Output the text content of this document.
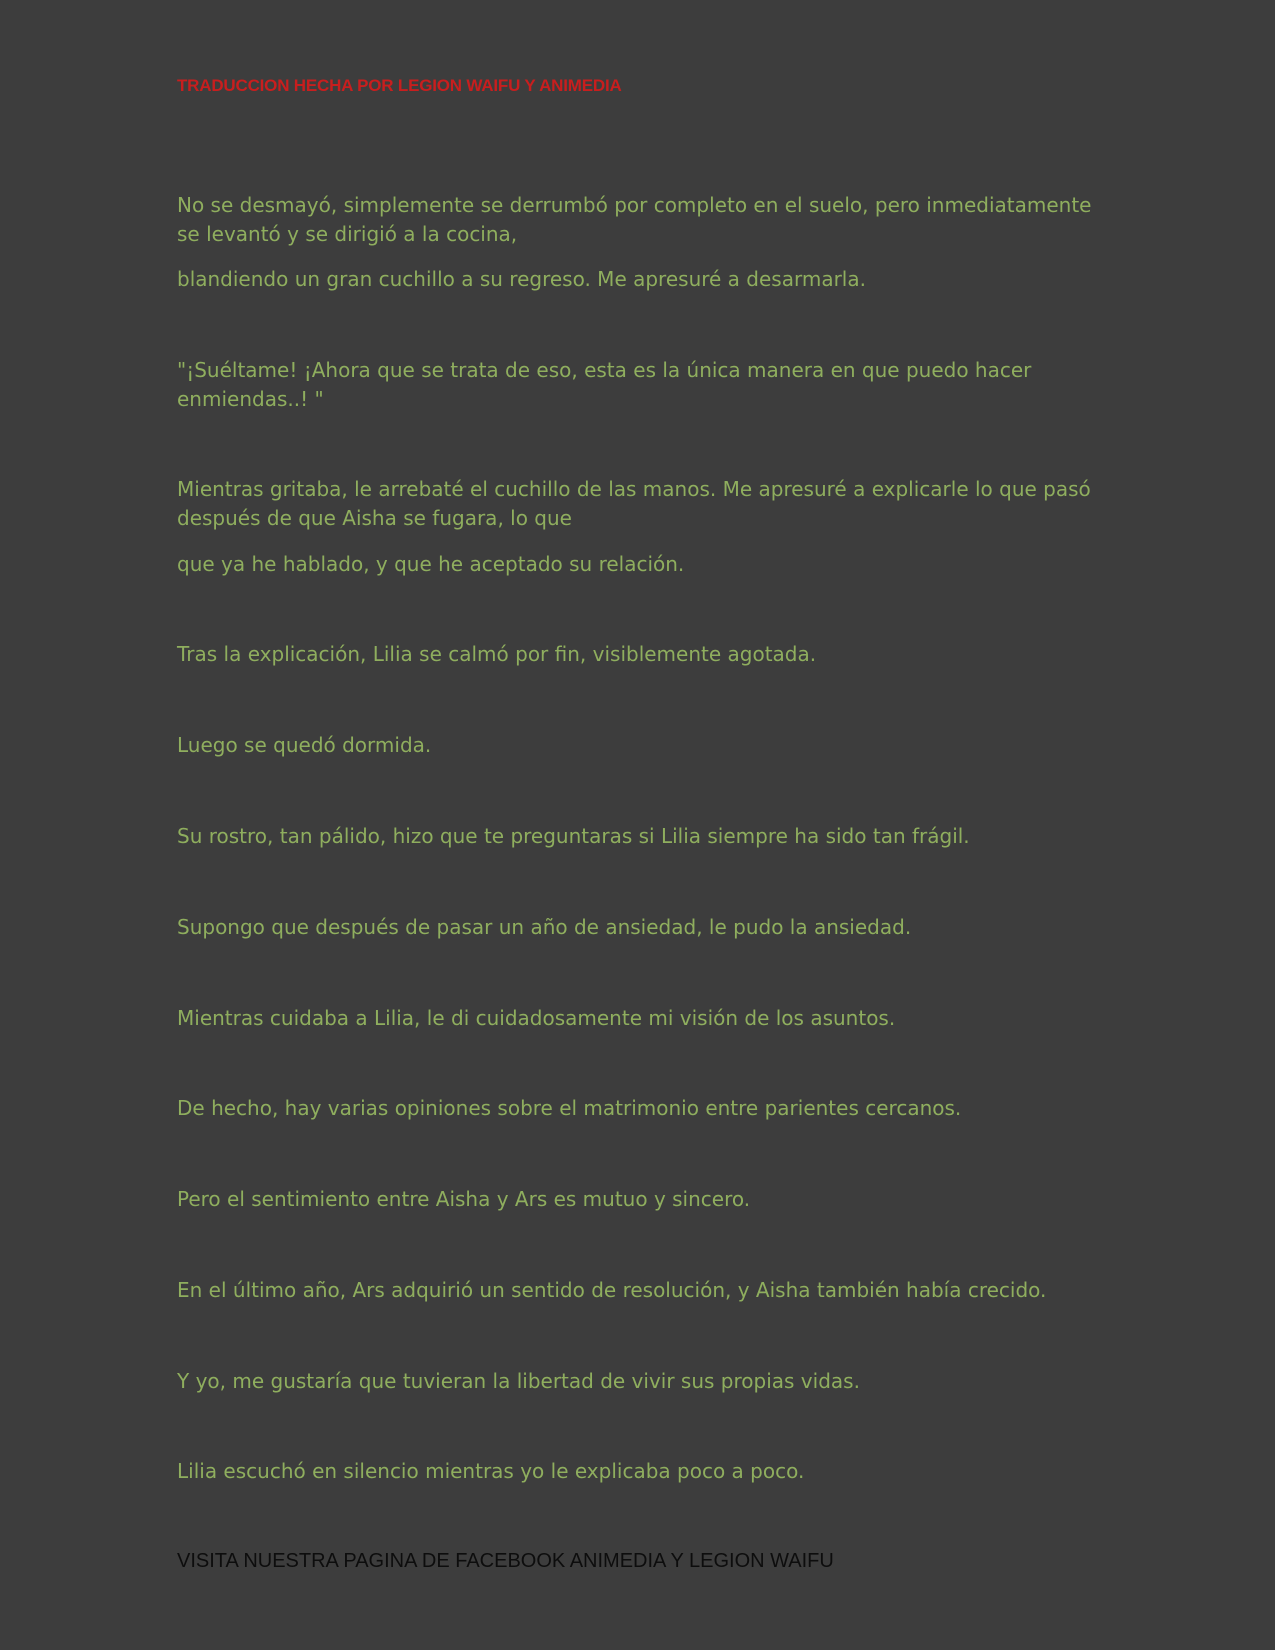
TRADUCCION HECHA POR LEGION WAIFU Y ANIMEDIA

No se desmayó, simplemente se derrumbó por completo en el suelo, pero inmediatamente se levantó y se dirigió a la cocina,

blandiendo un gran cuchillo a su regreso. Me apresuré a desarmarla.

"¡Suéltame! ¡Ahora que se trata de eso, esta es la única manera en que puedo hacer enmiendas..! "

Mientras gritaba, le arrebaté el cuchillo de las manos. Me apresuré a explicarle lo que pasó después de que Aisha se fugara, lo que

que ya he hablado, y que he aceptado su relación.

Tras la explicación, Lilia se calmó por fin, visiblemente agotada.

Luego se quedó dormida.

Su rostro, tan pálido, hizo que te preguntaras si Lilia siempre ha sido tan frágil.

Supongo que después de pasar un año de ansiedad, le pudo la ansiedad.

Mientras cuidaba a Lilia, le di cuidadosamente mi visión de los asuntos.

De hecho, hay varias opiniones sobre el matrimonio entre parientes cercanos.

Pero el sentimiento entre Aisha y Ars es mutuo y sincero.

En el último año, Ars adquirió un sentido de resolución, y Aisha también había crecido.

Y yo, me gustaría que tuvieran la libertad de vivir sus propias vidas.

Lilia escuchó en silencio mientras yo le explicaba poco a poco.

VISITA NUESTRA PAGINA DE FACEBOOK ANIMEDIA Y LEGION WAIFU
